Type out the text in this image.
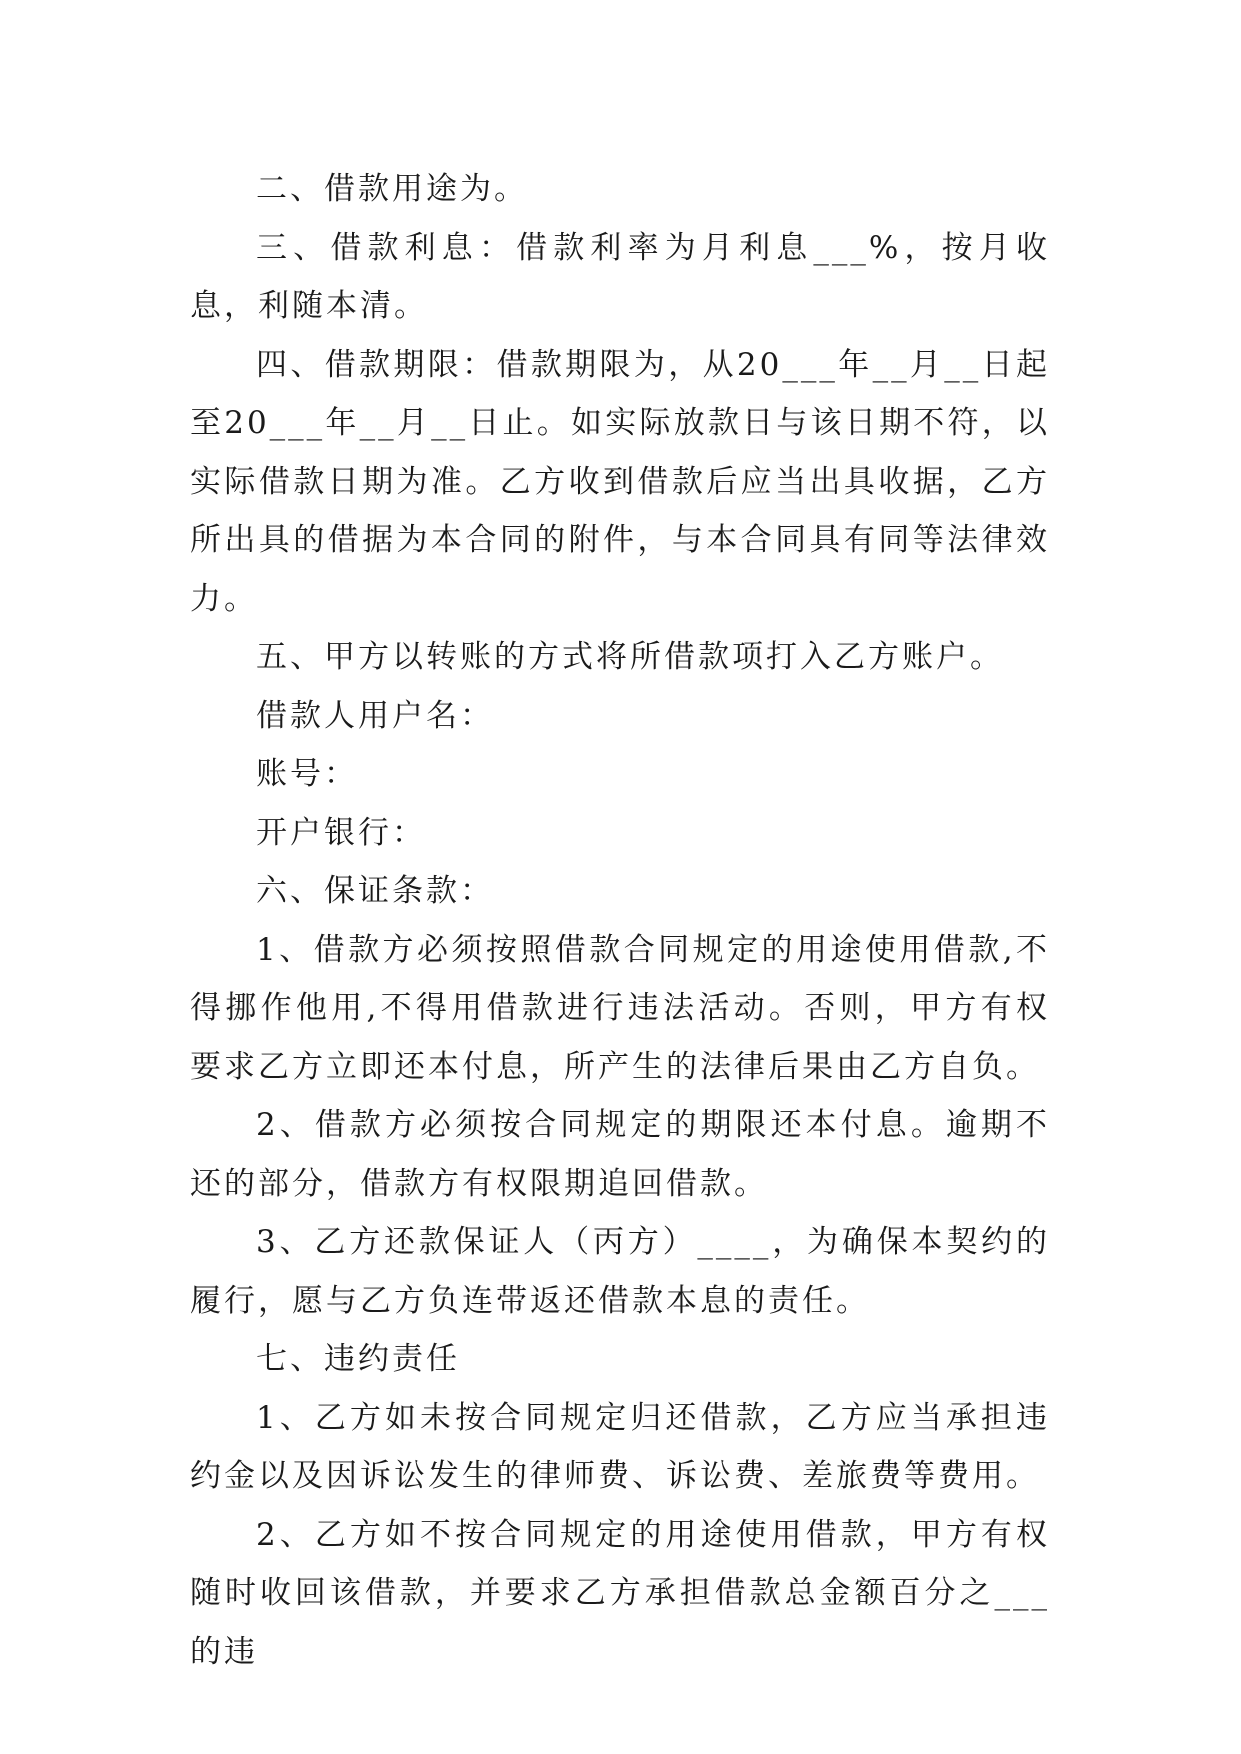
二、借款用途为。

三、借款利息：借款利率为月利息___%，按月收息，利随本清。

四、借款期限：借款期限为，从20___年__月__日起至20___年__月__日止。如实际放款日与该日期不符，以实际借款日期为准。乙方收到借款后应当出具收据，乙方所出具的借据为本合同的附件，与本合同具有同等法律效力。

五、甲方以转账的方式将所借款项打入乙方账户。

借款人用户名：

账号：

开户银行：

六、保证条款：

1、借款方必须按照借款合同规定的用途使用借款,不得挪作他用,不得用借款进行违法活动。否则，甲方有权要求乙方立即还本付息，所产生的法律后果由乙方自负。

2、借款方必须按合同规定的期限还本付息。逾期不还的部分，借款方有权限期追回借款。

3、乙方还款保证人（丙方）____，为确保本契约的履行，愿与乙方负连带返还借款本息的责任。

七、违约责任

1、乙方如未按合同规定归还借款，乙方应当承担违约金以及因诉讼发生的律师费、诉讼费、差旅费等费用。

2、乙方如不按合同规定的用途使用借款，甲方有权随时收回该借款，并要求乙方承担借款总金额百分之___的违
